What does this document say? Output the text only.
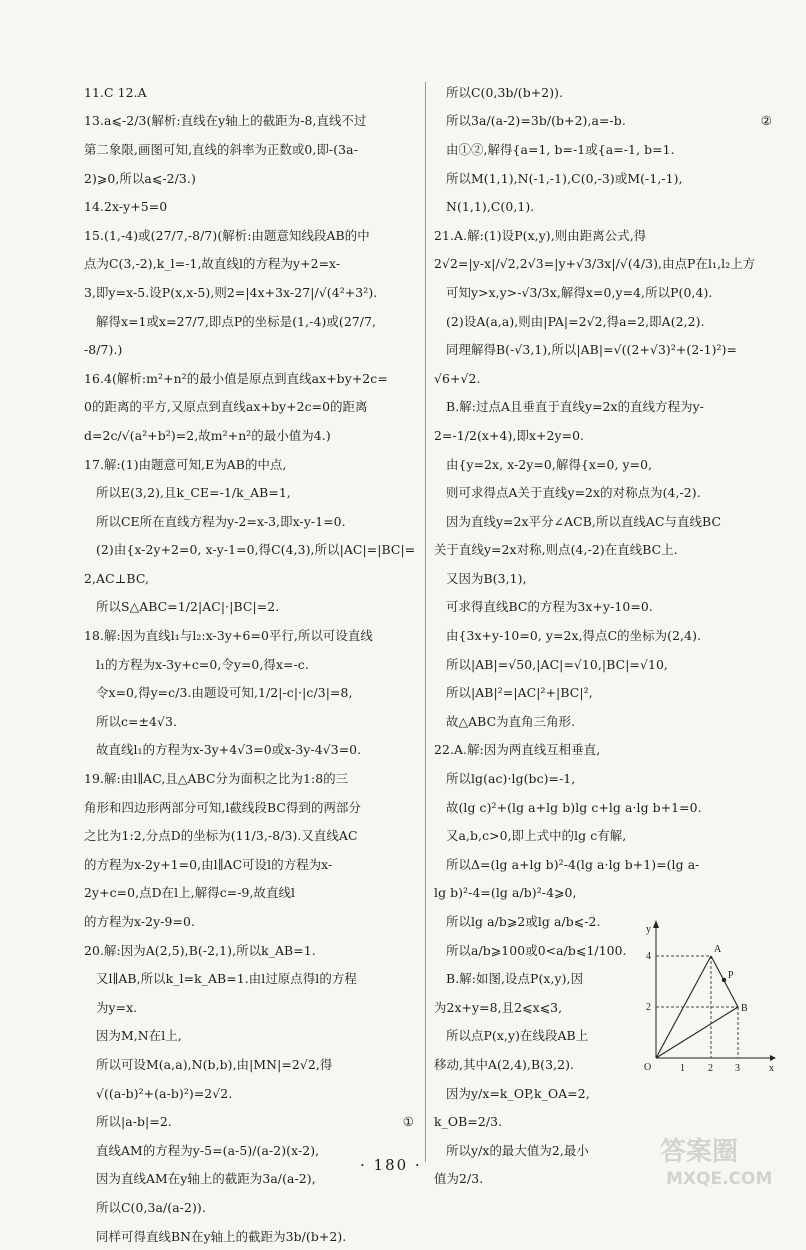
11.C 12.A
13.a⩽-2/3(解析:直线在y轴上的截距为-8,直线不过
第二象限,画图可知,直线的斜率为正数或0,即-(3a-
2)⩾0,所以a⩽-2/3.)
14.2x-y+5=0
15.(1,-4)或(27/7,-8/7)(解析:由题意知线段AB的中
点为C(3,-2),k_l=-1,故直线l的方程为y+2=x-
3,即y=x-5.设P(x,x-5),则2=|4x+3x-27|/√(4²+3²).
解得x=1或x=27/7,即点P的坐标是(1,-4)或(27/7,
-8/7).)
16.4(解析:m²+n²的最小值是原点到直线ax+by+2c=
0的距离的平方,又原点到直线ax+by+2c=0的距离
d=2c/√(a²+b²)=2,故m²+n²的最小值为4.)
17.解:(1)由题意可知,E为AB的中点,
所以E(3,2),且k_CE=-1/k_AB=1,
所以CE所在直线方程为y-2=x-3,即x-y-1=0.
(2)由{x-2y+2=0, x-y-1=0,得C(4,3),所以|AC|=|BC|=
2,AC⊥BC,
所以S△ABC=1/2|AC|·|BC|=2.
18.解:因为直线l₁与l₂:x-3y+6=0平行,所以可设直线
l₁的方程为x-3y+c=0,令y=0,得x=-c.
令x=0,得y=c/3.由题设可知,1/2|-c|·|c/3|=8,
所以c=±4√3.
故直线l₁的方程为x-3y+4√3=0或x-3y-4√3=0.
19.解:由l∥AC,且△ABC分为面积之比为1:8的三
角形和四边形两部分可知,l截线段BC得到的两部分
之比为1:2,分点D的坐标为(11/3,-8/3).又直线AC
的方程为x-2y+1=0,由l∥AC可设l的方程为x-
2y+c=0,点D在l上,解得c=-9,故直线l
的方程为x-2y-9=0.
20.解:因为A(2,5),B(-2,1),所以k_AB=1.
又l∥AB,所以k_l=k_AB=1.由l过原点得l的方程
为y=x.
因为M,N在l上,
所以可设M(a,a),N(b,b),由|MN|=2√2,得
√((a-b)²+(a-b)²)=2√2.
所以|a-b|=2.	①
直线AM的方程为y-5=(a-5)/(a-2)(x-2),
因为直线AM在y轴上的截距为3a/(a-2),
所以C(0,3a/(a-2)).
同样可得直线BN在y轴上的截距为3b/(b+2).
所以C(0,3b/(b+2)).
所以3a/(a-2)=3b/(b+2),a=-b.	②
由①②,解得{a=1, b=-1或{a=-1, b=1.
所以M(1,1),N(-1,-1),C(0,-3)或M(-1,-1),
N(1,1),C(0,1).
21.A.解:(1)设P(x,y),则由距离公式,得
2√2=|y-x|/√2,2√3=|y+√3/3x|/√(4/3),由点P在l₁,l₂上方
可知y>x,y>-√3/3x,解得x=0,y=4,所以P(0,4).
(2)设A(a,a),则由|PA|=2√2,得a=2,即A(2,2).
同理解得B(-√3,1),所以|AB|=√((2+√3)²+(2-1)²)=
√6+√2.
B.解:过点A且垂直于直线y=2x的直线方程为y-
2=-1/2(x+4),即x+2y=0.
由{y=2x, x-2y=0,解得{x=0, y=0,
则可求得点A关于直线y=2x的对称点为(4,-2).
因为直线y=2x平分∠ACB,所以直线AC与直线BC
关于直线y=2x对称,则点(4,-2)在直线BC上.
又因为B(3,1),
可求得直线BC的方程为3x+y-10=0.
由{3x+y-10=0, y=2x,得点C的坐标为(2,4).
所以|AB|=√50,|AC|=√10,|BC|=√10,
所以|AB|²=|AC|²+|BC|²,
故△ABC为直角三角形.
22.A.解:因为两直线互相垂直,
所以lg(ac)·lg(bc)=-1,
故(lg c)²+(lg a+lg b)lg c+lg a·lg b+1=0.
又a,b,c>0,即上式中的lg c有解,
所以Δ=(lg a+lg b)²-4(lg a·lg b+1)=(lg a-
lg b)²-4=(lg a/b)²-4⩾0,
所以lg a/b⩾2或lg a/b⩽-2.
所以a/b⩾100或0<a/b⩽1/100.
B.解:如图,设点P(x,y),因
为2x+y=8,且2⩽x⩽3,
所以点P(x,y)在线段AB上
移动,其中A(2,4),B(3,2).
因为y/x=k_OP,k_OA=2,
k_OB=2/3.
所以y/x的最大值为2,最小
值为2/3.
A
B
P
O	x
y
1 2 3
2
4
· 180 ·	答案圈
MXQE.COM
